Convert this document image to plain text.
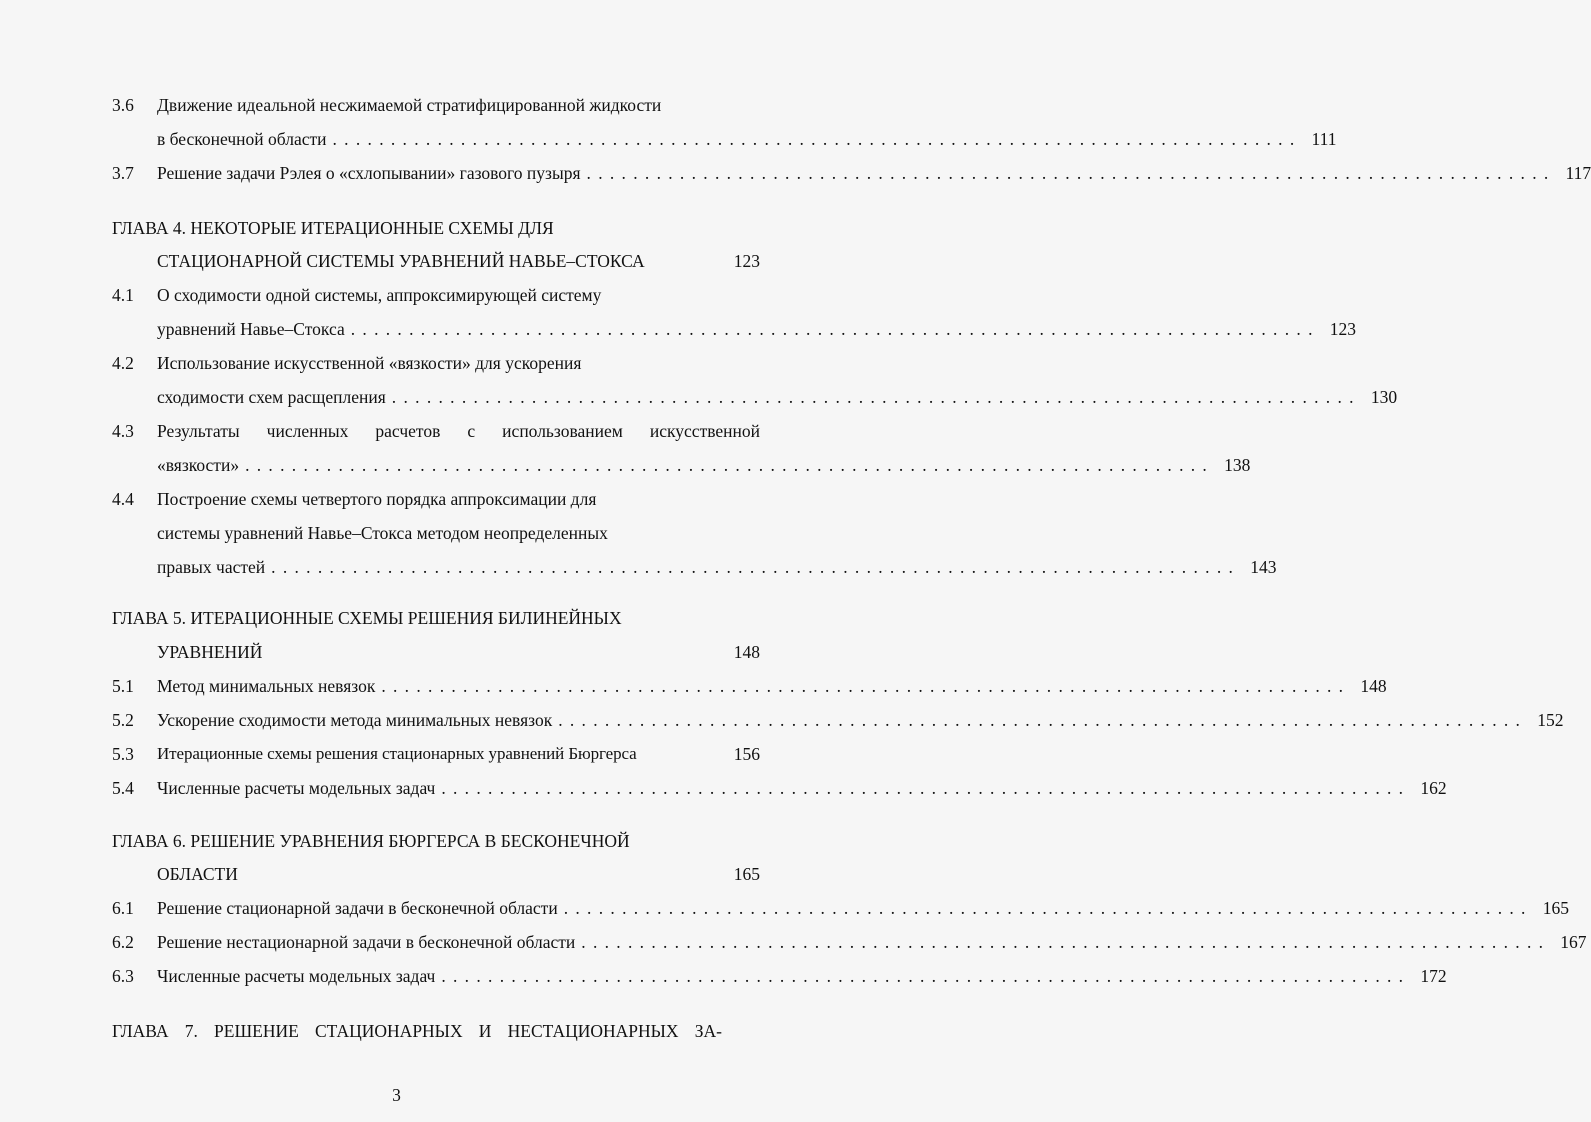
3.6 Движение идеальной несжимаемой стратифицированной жидкости
в бесконечной области ................................................................................... 111
3.7 Решение задачи Рэлея о «схлопывании» газового пузыря ................................................................................... 117
ГЛАВА 4. НЕКОТОРЫЕ ИТЕРАЦИОННЫЕ СХЕМЫ ДЛЯ
СТАЦИОНАРНОЙ СИСТЕМЫ УРАВНЕНИЙ НАВЬЕ–СТОКСА	123
4.1 О сходимости одной системы, аппроксимирующей систему
уравнений Навье–Стокса ................................................................................... 123
4.2 Использование искусственной «вязкости» для ускорения
сходимости схем расщепления ................................................................................... 130
4.3 Результаты численных расчетов с использованием искусственной
«вязкости» ................................................................................... 138
4.4 Построение схемы четвертого порядка аппроксимации для
системы уравнений Навье–Стокса методом неопределенных
правых частей ................................................................................... 143
ГЛАВА 5. ИТЕРАЦИОННЫЕ СХЕМЫ РЕШЕНИЯ БИЛИНЕЙНЫХ
УРАВНЕНИЙ	148
5.1 Метод минимальных невязок ................................................................................... 148
5.2 Ускорение сходимости метода минимальных невязок ................................................................................... 152
5.3 Итерационные схемы решения стационарных уравнений Бюргерса	156
5.4 Численные расчеты модельных задач ................................................................................... 162
ГЛАВА 6. РЕШЕНИЕ УРАВНЕНИЯ БЮРГЕРСА В БЕСКОНЕЧНОЙ
ОБЛАСТИ	165
6.1 Решение стационарной задачи в бесконечной области ................................................................................... 165
6.2 Решение нестационарной задачи в бесконечной области ................................................................................... 167
6.3 Численные расчеты модельных задач ................................................................................... 172
ГЛАВА 7. РЕШЕНИЕ СТАЦИОНАРНЫХ И НЕСТАЦИОНАРНЫХ ЗА-
3
